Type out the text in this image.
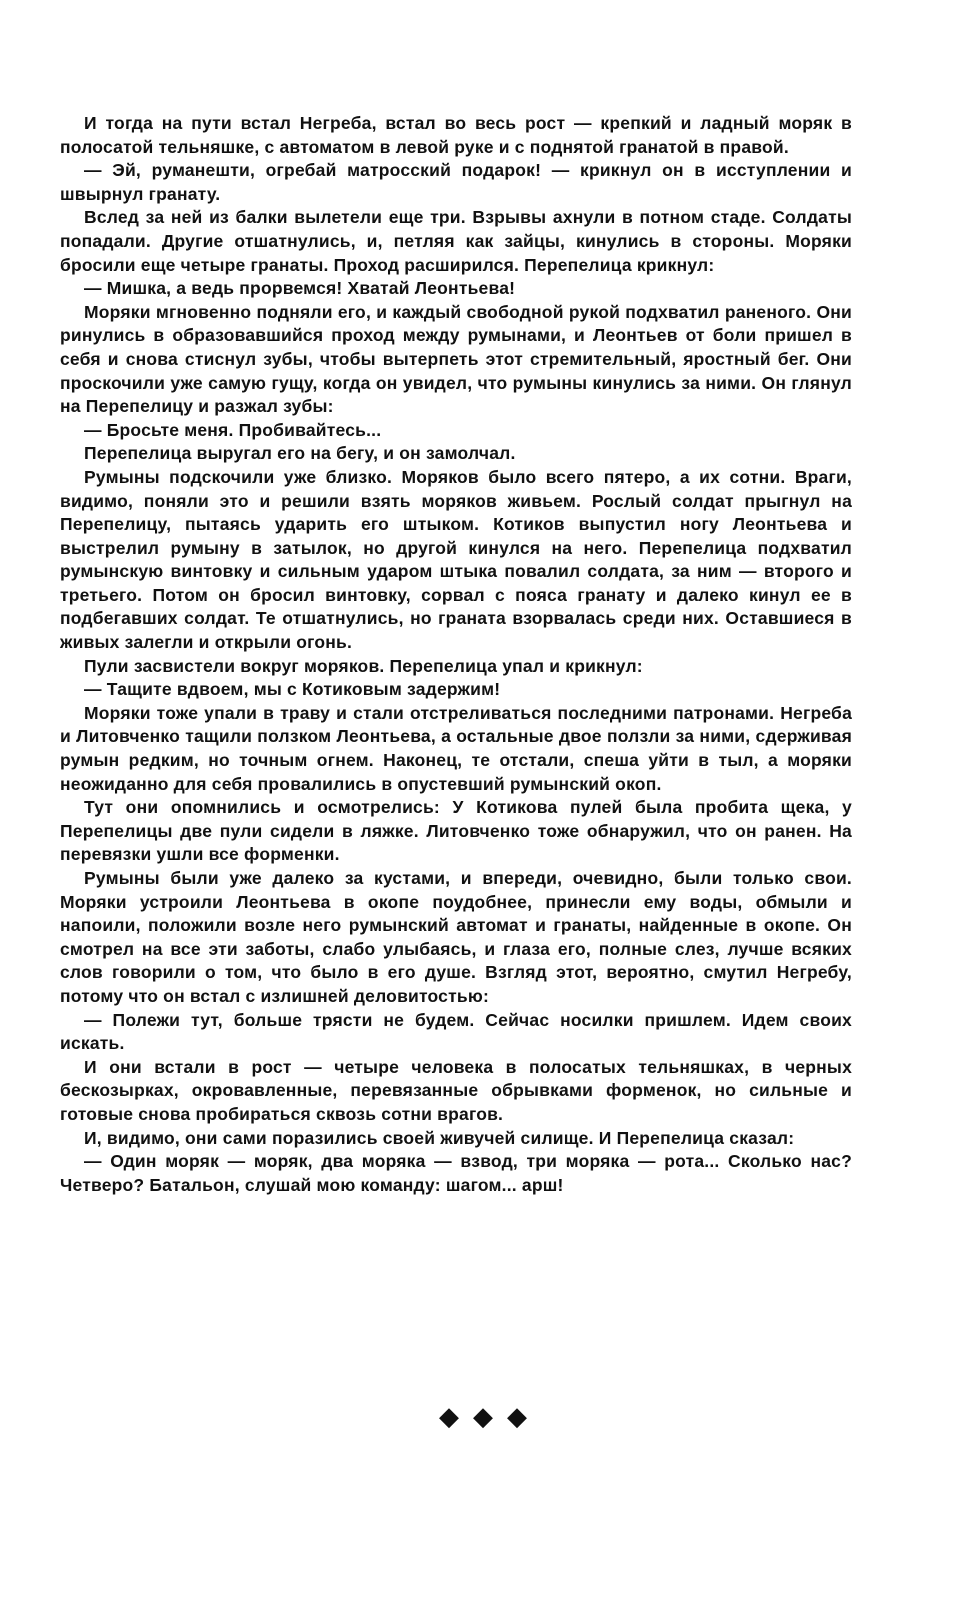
И тогда на пути встал Негреба, встал во весь рост — крепкий и ладный моряк в полосатой тельняшке, с автоматом в левой руке и с поднятой гранатой в правой.

— Эй, руманешти, огребай матросский подарок! — крикнул он в исступлении и швырнул гранату.

Вслед за ней из балки вылетели еще три. Взрывы ахнули в потном стаде. Солдаты попадали. Другие отшатнулись, и, петляя как зайцы, кинулись в стороны. Моряки бросили еще четыре гранаты. Проход расширился. Перепелица крикнул:

— Мишка, а ведь прорвемся! Хватай Леонтьева!

Моряки мгновенно подняли его, и каждый свободной рукой подхватил раненого. Они ринулись в образовавшийся проход между румынами, и Леонтьев от боли пришел в себя и снова стиснул зубы, чтобы вытерпеть этот стремительный, яростный бег. Они проскочили уже самую гущу, когда он увидел, что румыны кинулись за ними. Он глянул на Перепелицу и разжал зубы:

— Бросьте меня. Пробивайтесь...

Перепелица выругал его на бегу, и он замолчал.

Румыны подскочили уже близко. Моряков было всего пятеро, а их сотни. Враги, видимо, поняли это и решили взять моряков живьем. Рослый солдат прыгнул на Перепелицу, пытаясь ударить его штыком. Котиков выпустил ногу Леонтьева и выстрелил румыну в затылок, но другой кинулся на него. Перепелица подхватил румынскую винтовку и сильным ударом штыка повалил солдата, за ним — второго и третьего. Потом он бросил винтовку, сорвал с пояса гранату и далеко кинул ее в подбегавших солдат. Те отшатнулись, но граната взорвалась среди них. Оставшиеся в живых залегли и открыли огонь.

Пули засвистели вокруг моряков. Перепелица упал и крикнул:

— Тащите вдвоем, мы с Котиковым задержим!

Моряки тоже упали в траву и стали отстреливаться последними патронами. Негреба и Литовченко тащили ползком Леонтьева, а остальные двое ползли за ними, сдерживая румын редким, но точным огнем. Наконец, те отстали, спеша уйти в тыл, а моряки неожиданно для себя провалились в опустевший румынский окоп.

Тут они опомнились и осмотрелись: У Котикова пулей была пробита щека, у Перепелицы две пули сидели в ляжке. Литовченко тоже обнаружил, что он ранен. На перевязки ушли все форменки.

Румыны были уже далеко за кустами, и впереди, очевидно, были только свои. Моряки устроили Леонтьева в окопе поудобнее, принесли ему воды, обмыли и напоили, положили возле него румынский автомат и гранаты, найденные в окопе. Он смотрел на все эти заботы, слабо улыбаясь, и глаза его, полные слез, лучше всяких слов говорили о том, что было в его душе. Взгляд этот, вероятно, смутил Негребу, потому что он встал с излишней деловитостью:

— Полежи тут, больше трясти не будем. Сейчас носилки пришлем. Идем своих искать.

И они встали в рост — четыре человека в полосатых тельняшках, в черных бескозырках, окровавленные, перевязанные обрывками форменок, но сильные и готовые снова пробираться сквозь сотни врагов.

И, видимо, они сами поразились своей живучей силище. И Перепелица сказал:

— Один моряк — моряк, два моряка — взвод, три моряка — рота... Сколько нас? Четверо? Батальон, слушай мою команду: шагом... арш!

◆◆◆
